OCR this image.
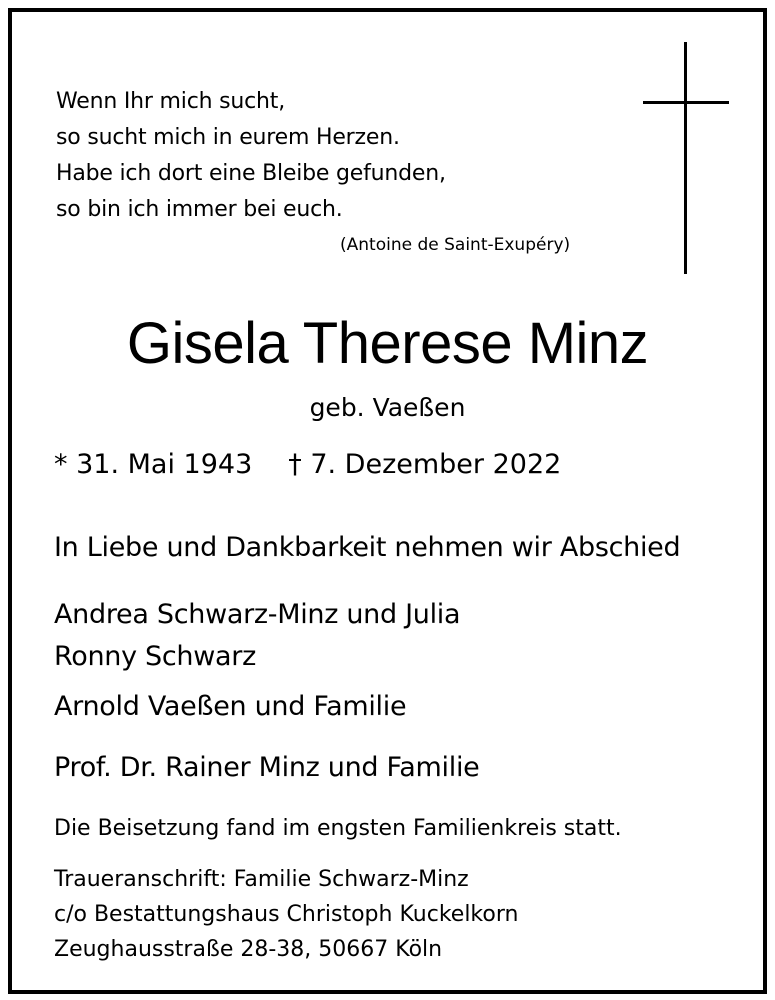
Wenn Ihr mich sucht,
so sucht mich in eurem Herzen.
Habe ich dort eine Bleibe gefunden,
so bin ich immer bei euch.
(Antoine de Saint-Exupéry)
Gisela Therese Minz
geb. Vaeßen
* 31. Mai 1943 † 7. Dezember 2022
In Liebe und Dankbarkeit nehmen wir Abschied
Andrea Schwarz-Minz und Julia
Ronny Schwarz
Arnold Vaeßen und Familie
Prof. Dr. Rainer Minz und Familie
Die Beisetzung fand im engsten Familienkreis statt.
Traueranschrift: Familie Schwarz-Minz
c/o Bestattungshaus Christoph Kuckelkorn
Zeughausstraße 28-38, 50667 Köln
